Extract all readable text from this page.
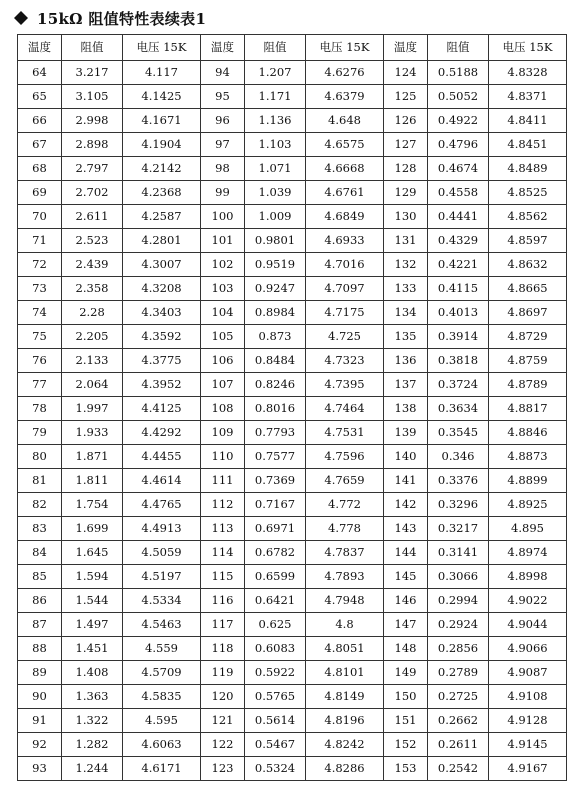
15kΩ 阻值特性表续表1
温度	阻值	电压 15K	温度	阻值	电压 15K	温度	阻值	电压 15K
64	3.217	4.117	94	1.207	4.6276	124	0.5188	4.8328
65	3.105	4.1425	95	1.171	4.6379	125	0.5052	4.8371
66	2.998	4.1671	96	1.136	4.648	126	0.4922	4.8411
67	2.898	4.1904	97	1.103	4.6575	127	0.4796	4.8451
68	2.797	4.2142	98	1.071	4.6668	128	0.4674	4.8489
69	2.702	4.2368	99	1.039	4.6761	129	0.4558	4.8525
70	2.611	4.2587	100	1.009	4.6849	130	0.4441	4.8562
71	2.523	4.2801	101	0.9801	4.6933	131	0.4329	4.8597
72	2.439	4.3007	102	0.9519	4.7016	132	0.4221	4.8632
73	2.358	4.3208	103	0.9247	4.7097	133	0.4115	4.8665
74	2.28	4.3403	104	0.8984	4.7175	134	0.4013	4.8697
75	2.205	4.3592	105	0.873	4.725	135	0.3914	4.8729
76	2.133	4.3775	106	0.8484	4.7323	136	0.3818	4.8759
77	2.064	4.3952	107	0.8246	4.7395	137	0.3724	4.8789
78	1.997	4.4125	108	0.8016	4.7464	138	0.3634	4.8817
79	1.933	4.4292	109	0.7793	4.7531	139	0.3545	4.8846
80	1.871	4.4455	110	0.7577	4.7596	140	0.346	4.8873
81	1.811	4.4614	111	0.7369	4.7659	141	0.3376	4.8899
82	1.754	4.4765	112	0.7167	4.772	142	0.3296	4.8925
83	1.699	4.4913	113	0.6971	4.778	143	0.3217	4.895
84	1.645	4.5059	114	0.6782	4.7837	144	0.3141	4.8974
85	1.594	4.5197	115	0.6599	4.7893	145	0.3066	4.8998
86	1.544	4.5334	116	0.6421	4.7948	146	0.2994	4.9022
87	1.497	4.5463	117	0.625	4.8	147	0.2924	4.9044
88	1.451	4.559	118	0.6083	4.8051	148	0.2856	4.9066
89	1.408	4.5709	119	0.5922	4.8101	149	0.2789	4.9087
90	1.363	4.5835	120	0.5765	4.8149	150	0.2725	4.9108
91	1.322	4.595	121	0.5614	4.8196	151	0.2662	4.9128
92	1.282	4.6063	122	0.5467	4.8242	152	0.2611	4.9145
93	1.244	4.6171	123	0.5324	4.8286	153	0.2542	4.9167
